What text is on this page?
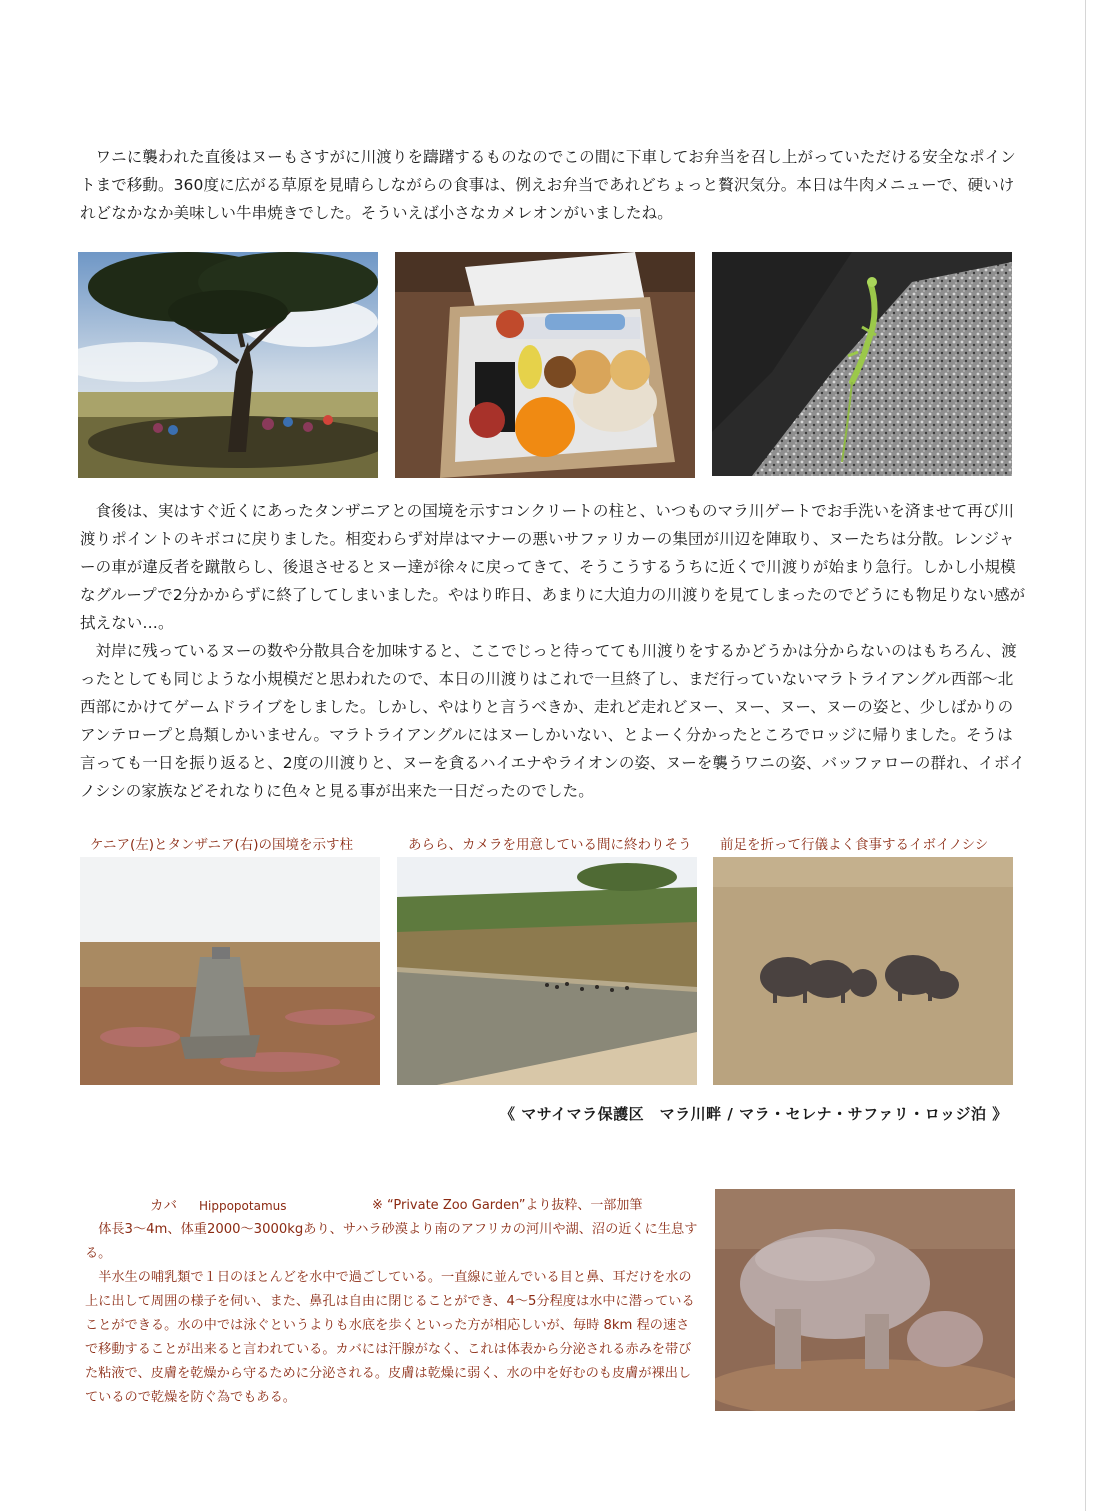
ワニに襲われた直後はヌーもさすがに川渡りを躊躇するものなのでこの間に下車してお弁当を召し上がっていただける安全なポイントまで移動。360度に広がる草原を見晴らしながらの食事は、例えお弁当であれどちょっと贅沢気分。本日は牛肉メニューで、硬いけれどなかなか美味しい牛串焼きでした。そういえば小さなカメレオンがいましたね。

食後は、実はすぐ近くにあったタンザニアとの国境を示すコンクリートの柱と、いつものマラ川ゲートでお手洗いを済ませて再び川渡りポイントのキボコに戻りました。相変わらず対岸はマナーの悪いサファリカーの集団が川辺を陣取り、ヌーたちは分散。レンジャーの車が違反者を蹴散らし、後退させるとヌー達が徐々に戻ってきて、そうこうするうちに近くで川渡りが始まり急行。しかし小規模なグループで2分かからずに終了してしまいました。やはり昨日、あまりに大迫力の川渡りを見てしまったのでどうにも物足りない感が拭えない…。

対岸に残っているヌーの数や分散具合を加味すると、ここでじっと待ってても川渡りをするかどうかは分からないのはもちろん、渡ったとしても同じような小規模だと思われたので、本日の川渡りはこれで一旦終了し、まだ行っていないマラトライアングル西部～北西部にかけてゲームドライブをしました。しかし、やはりと言うべきか、走れど走れどヌー、ヌー、ヌー、ヌーの姿と、少しばかりのアンテロープと鳥類しかいません。マラトライアングルにはヌーしかいない、とよーく分かったところでロッジに帰りました。そうは言っても一日を振り返ると、2度の川渡りと、ヌーを貪るハイエナやライオンの姿、ヌーを襲うワニの姿、バッファローの群れ、イボイノシシの家族などそれなりに色々と見る事が出来た一日だったのでした。

ケニア(左)とタンザニア(右)の国境を示す柱	あらら、カメラを用意している間に終わりそう 前足を折って行儀よく食事するイボイノシシ

《 マサイマラ保護区　マラ川畔 / マラ・セレナ・サファリ・ロッジ泊 》
カバ Hippopotamus	※ “Private Zoo Garden”より抜粋、一部加筆

体長3～4m、体重2000～3000kgあり、サハラ砂漠より南のアフリカの河川や湖、沼の近くに生息する。

半水生の哺乳類で１日のほとんどを水中で過ごしている。一直線に並んでいる目と鼻、耳だけを水の上に出して周囲の様子を伺い、また、鼻孔は自由に閉じることができ、4～5分程度は水中に潜っていることができる。水の中では泳ぐというよりも水底を歩くといった方が相応しいが、毎時 8km 程の速さで移動することが出来ると言われている。カバには汗腺がなく、これは体表から分泌される赤みを帯びた粘液で、皮膚を乾燥から守るために分泌される。皮膚は乾燥に弱く、水の中を好むのも皮膚が裸出しているので乾燥を防ぐ為でもある。
